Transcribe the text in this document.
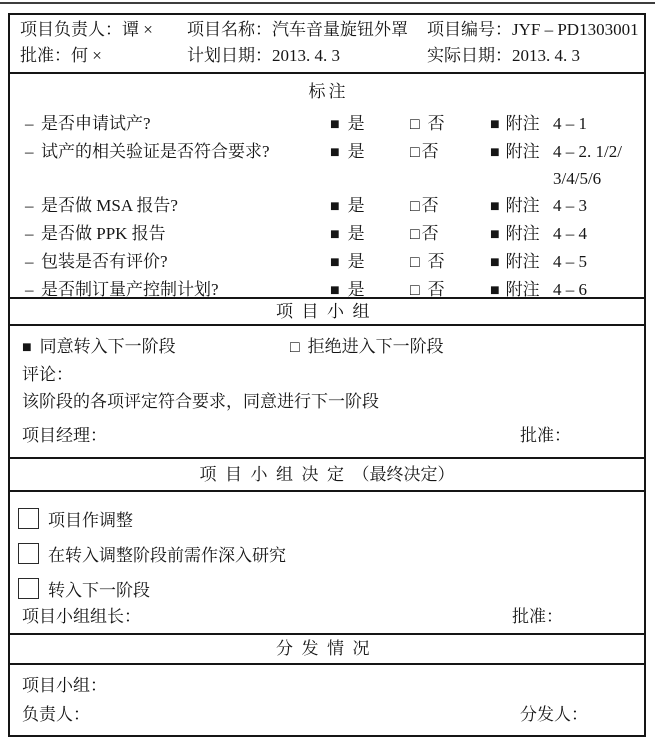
项目负责人：谭 ×	项目名称：汽车音量旋钮外罩	项目编号：JYF – PD1303001
批准：何 ×	计划日期：2013. 4. 3	实际日期：2013. 4. 3
标注
– 是否申请试产?	■ 是	□ 否	■ 附注 4 – 1
– 试产的相关验证是否符合要求?	■ 是	□ 否	■ 附注 4 – 2. 1/2/
3/4/5/6
– 是否做 MSA 报告?	■ 是	□ 否	■ 附注 4 – 3
– 是否做 PPK 报告	■ 是	□ 否	■ 附注 4 – 4
– 包装是否有评价?	■ 是	□ 否	■ 附注 4 – 5
– 是否制订量产控制计划?	■ 是	□ 否	■ 附注 4 – 6
项目小组
■ 同意转入下一阶段	□ 拒绝进入下一阶段
评论：
该阶段的各项评定符合要求，同意进行下一阶段
项目经理：	批准：
项目小组决定（最终决定）
项目作调整
在转入调整阶段前需作深入研究
转入下一阶段
项目小组组长：	批准：
分发情况
项目小组：
负责人：	分发人：
